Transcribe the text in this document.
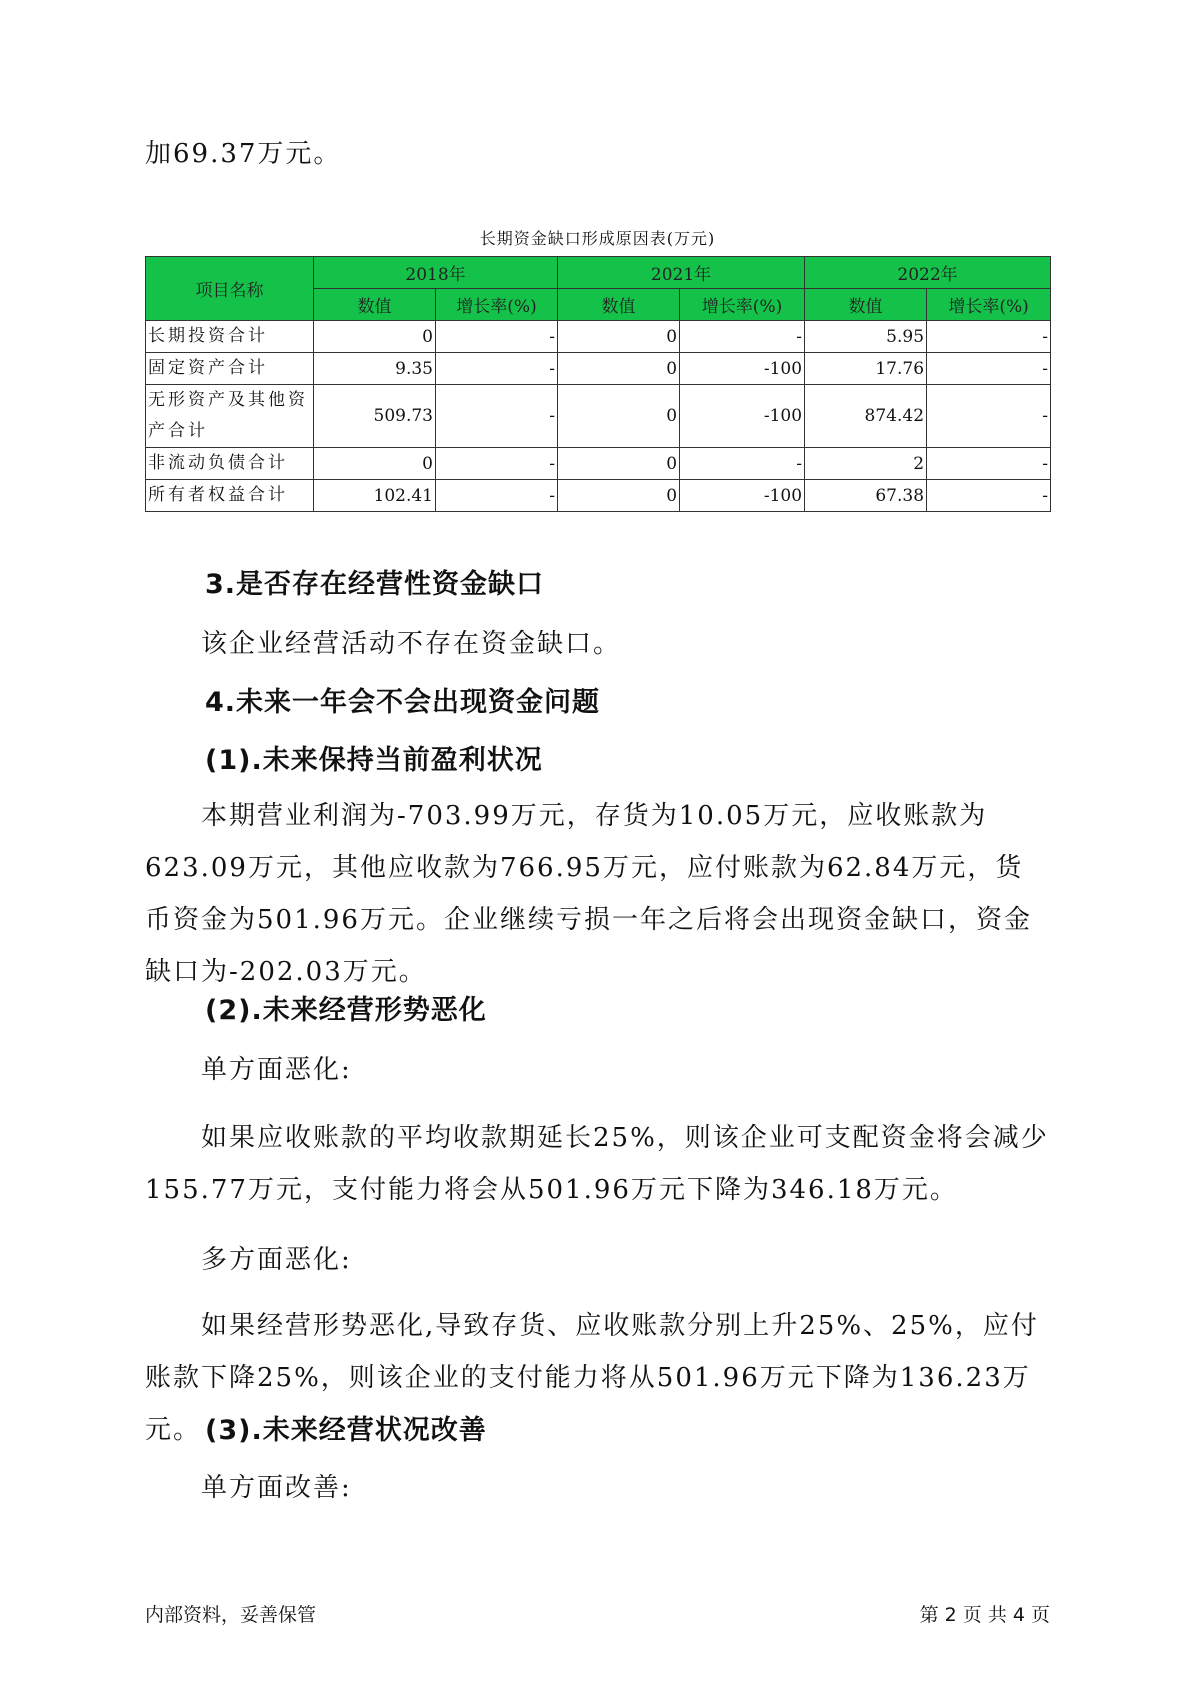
加69.37万元。

长期资金缺口形成原因表(万元)
项目名称	2018年		2021年		2022年	
	数值	增长率(%)	数值	增长率(%)	数值	增长率(%)
长期投资合计	0	-	0	-	5.95	-
固定资产合计	9.35	-	0	-100	17.76	-
无形资产及其他资产合计	509.73	-	0	-100	874.42	-
非流动负债合计	0	-	0	-	2	-
所有者权益合计	102.41	-	0	-100	67.38	-
3.是否存在经营性资金缺口

该企业经营活动不存在资金缺口。

4.未来一年会不会出现资金问题
(1).未来保持当前盈利状况

本期营业利润为-703.99万元，存货为10.05万元，应收账款为623.09万元，其他应收款为766.95万元，应付账款为62.84万元，货币资金为501.96万元。企业继续亏损一年之后将会出现资金缺口，资金缺口为-202.03万元。

(2).未来经营形势恶化

单方面恶化:

如果应收账款的平均收款期延长25%，则该企业可支配资金将会减少155.77万元，支付能力将会从501.96万元下降为346.18万元。

多方面恶化:

如果经营形势恶化,导致存货、应收账款分别上升25%、25%，应付账款下降25%，则该企业的支付能力将从501.96万元下降为136.23万元。 (3).未来经营状况改善

单方面改善:

内部资料，妥善保管	第 2 页 共 4 页
